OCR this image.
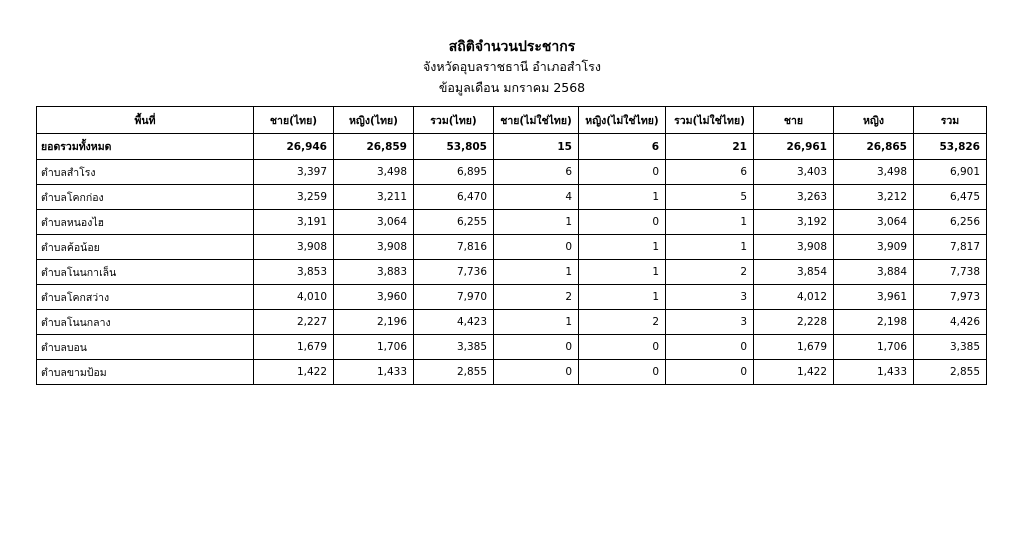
สถิติจำนวนประชากร
จังหวัดอุบลราชธานี อำเภอสำโรง
ข้อมูลเดือน มกราคม 2568
พื้นที่	ชาย(ไทย)	หญิง(ไทย)	รวม(ไทย)	ชาย(ไม่ใช่ไทย)	หญิง(ไม่ใช่ไทย)	รวม(ไม่ใช่ไทย)	ชาย	หญิง	รวม
ยอดรวมทั้งหมด	26,946	26,859	53,805	15	6	21	26,961	26,865	53,826
ตำบลสำโรง	3,397	3,498	6,895	6	0	6	3,403	3,498	6,901
ตำบลโคกก่อง	3,259	3,211	6,470	4	1	5	3,263	3,212	6,475
ตำบลหนองไฮ	3,191	3,064	6,255	1	0	1	3,192	3,064	6,256
ตำบลค้อน้อย	3,908	3,908	7,816	0	1	1	3,908	3,909	7,817
ตำบลโนนกาเล็น	3,853	3,883	7,736	1	1	2	3,854	3,884	7,738
ตำบลโคกสว่าง	4,010	3,960	7,970	2	1	3	4,012	3,961	7,973
ตำบลโนนกลาง	2,227	2,196	4,423	1	2	3	2,228	2,198	4,426
ตำบลบอน	1,679	1,706	3,385	0	0	0	1,679	1,706	3,385
ตำบลขามป้อม	1,422	1,433	2,855	0	0	0	1,422	1,433	2,855
